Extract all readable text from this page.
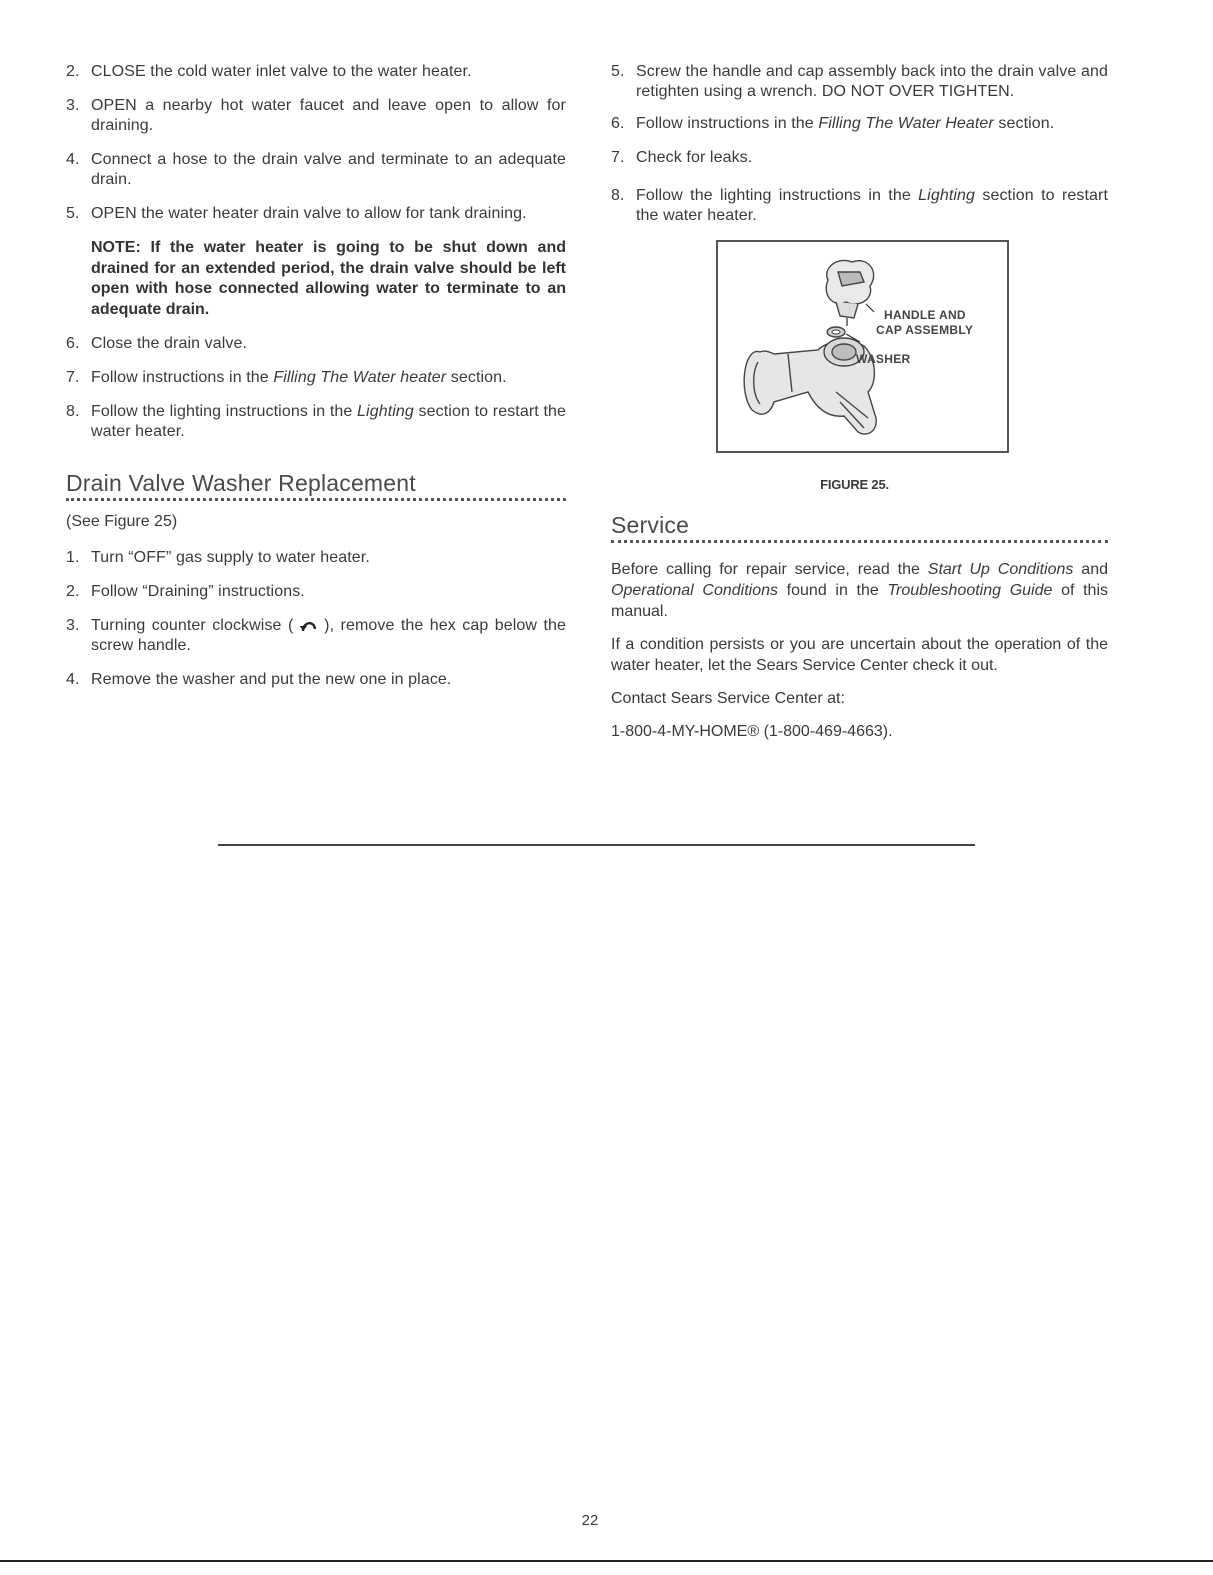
2. CLOSE the cold water inlet valve to the water heater.
3. OPEN a nearby hot water faucet and leave open to allow for draining.
4. Connect a hose to the drain valve and terminate to an adequate drain.
5. OPEN the water heater drain valve to allow for tank draining.
NOTE: If the water heater is going to be shut down and drained for an extended period, the drain valve should be left open with hose connected allowing water to terminate to an adequate drain.
6. Close the drain valve.
7. Follow instructions in the Filling The Water heater section.
8. Follow the lighting instructions in the Lighting section to restart the water heater.
Drain Valve Washer Replacement
(See Figure 25)
1. Turn “OFF” gas supply to water heater.
2. Follow “Draining” instructions.
3. Turning counter clockwise (  ), remove the hex cap below the screw handle.
4. Remove the washer and put the new one in place.
5. Screw the handle and cap assembly back into the drain valve and retighten using a wrench. DO NOT OVER TIGHTEN.
6. Follow instructions in the Filling The Water Heater section.
7. Check for leaks.
8. Follow the lighting instructions in the Lighting section to restart the water heater.
HANDLE AND
CAP ASSEMBLY
WASHER
FIGURE 25.
Service
Before calling for repair service, read the Start Up Conditions and Operational Conditions found in the Troubleshooting Guide of this manual.
If a condition persists or you are uncertain about the operation of the water heater, let the Sears Service Center check it out.
Contact Sears Service Center at:
1-800-4-MY-HOME® (1-800-469-4663).
22
